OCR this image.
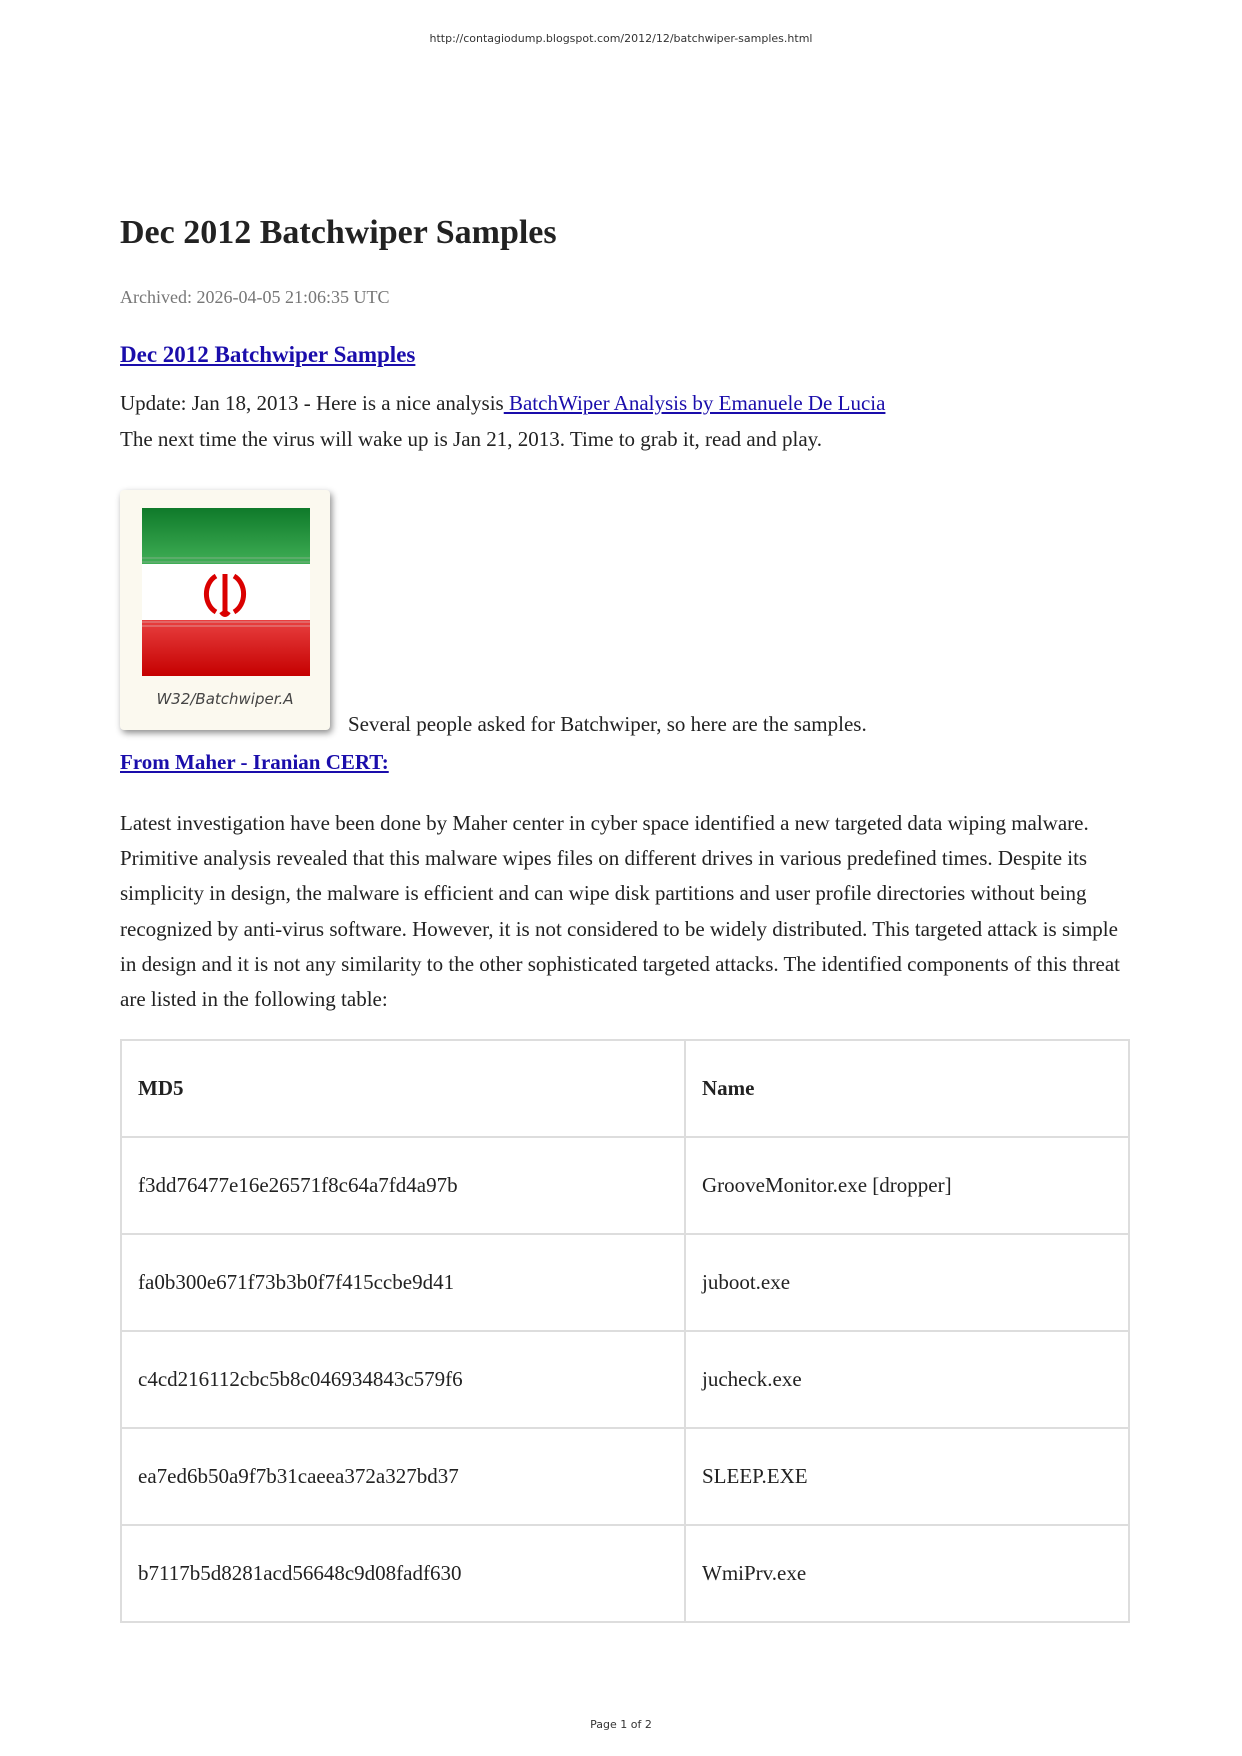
http://contagiodump.blogspot.com/2012/12/batchwiper-samples.html
Dec 2012 Batchwiper Samples
Archived: 2026-04-05 21:06:35 UTC
Dec 2012 Batchwiper Samples
Update: Jan 18, 2013 - Here is a nice analysis BatchWiper Analysis by Emanuele De Lucia
The next time the virus will wake up is Jan 21, 2013. Time to grab it, read and play.
W32/Batchwiper.A
Several people asked for Batchwiper, so here are the samples.
From Maher - Iranian CERT:
Latest investigation have been done by Maher center in cyber space identified a new targeted data wiping malware. Primitive analysis revealed that this malware wipes files on different drives in various predefined times. Despite its simplicity in design, the malware is efficient and can wipe disk partitions and user profile directories without being recognized by anti-virus software. However, it is not considered to be widely distributed. This targeted attack is simple in design and it is not any similarity to the other sophisticated targeted attacks. The identified components of this threat are listed in the following table:
MD5	Name
f3dd76477e16e26571f8c64a7fd4a97b	GrooveMonitor.exe [dropper]
fa0b300e671f73b3b0f7f415ccbe9d41	juboot.exe
c4cd216112cbc5b8c046934843c579f6	jucheck.exe
ea7ed6b50a9f7b31caeea372a327bd37	SLEEP.EXE
b7117b5d8281acd56648c9d08fadf630	WmiPrv.exe
Page 1 of 2
